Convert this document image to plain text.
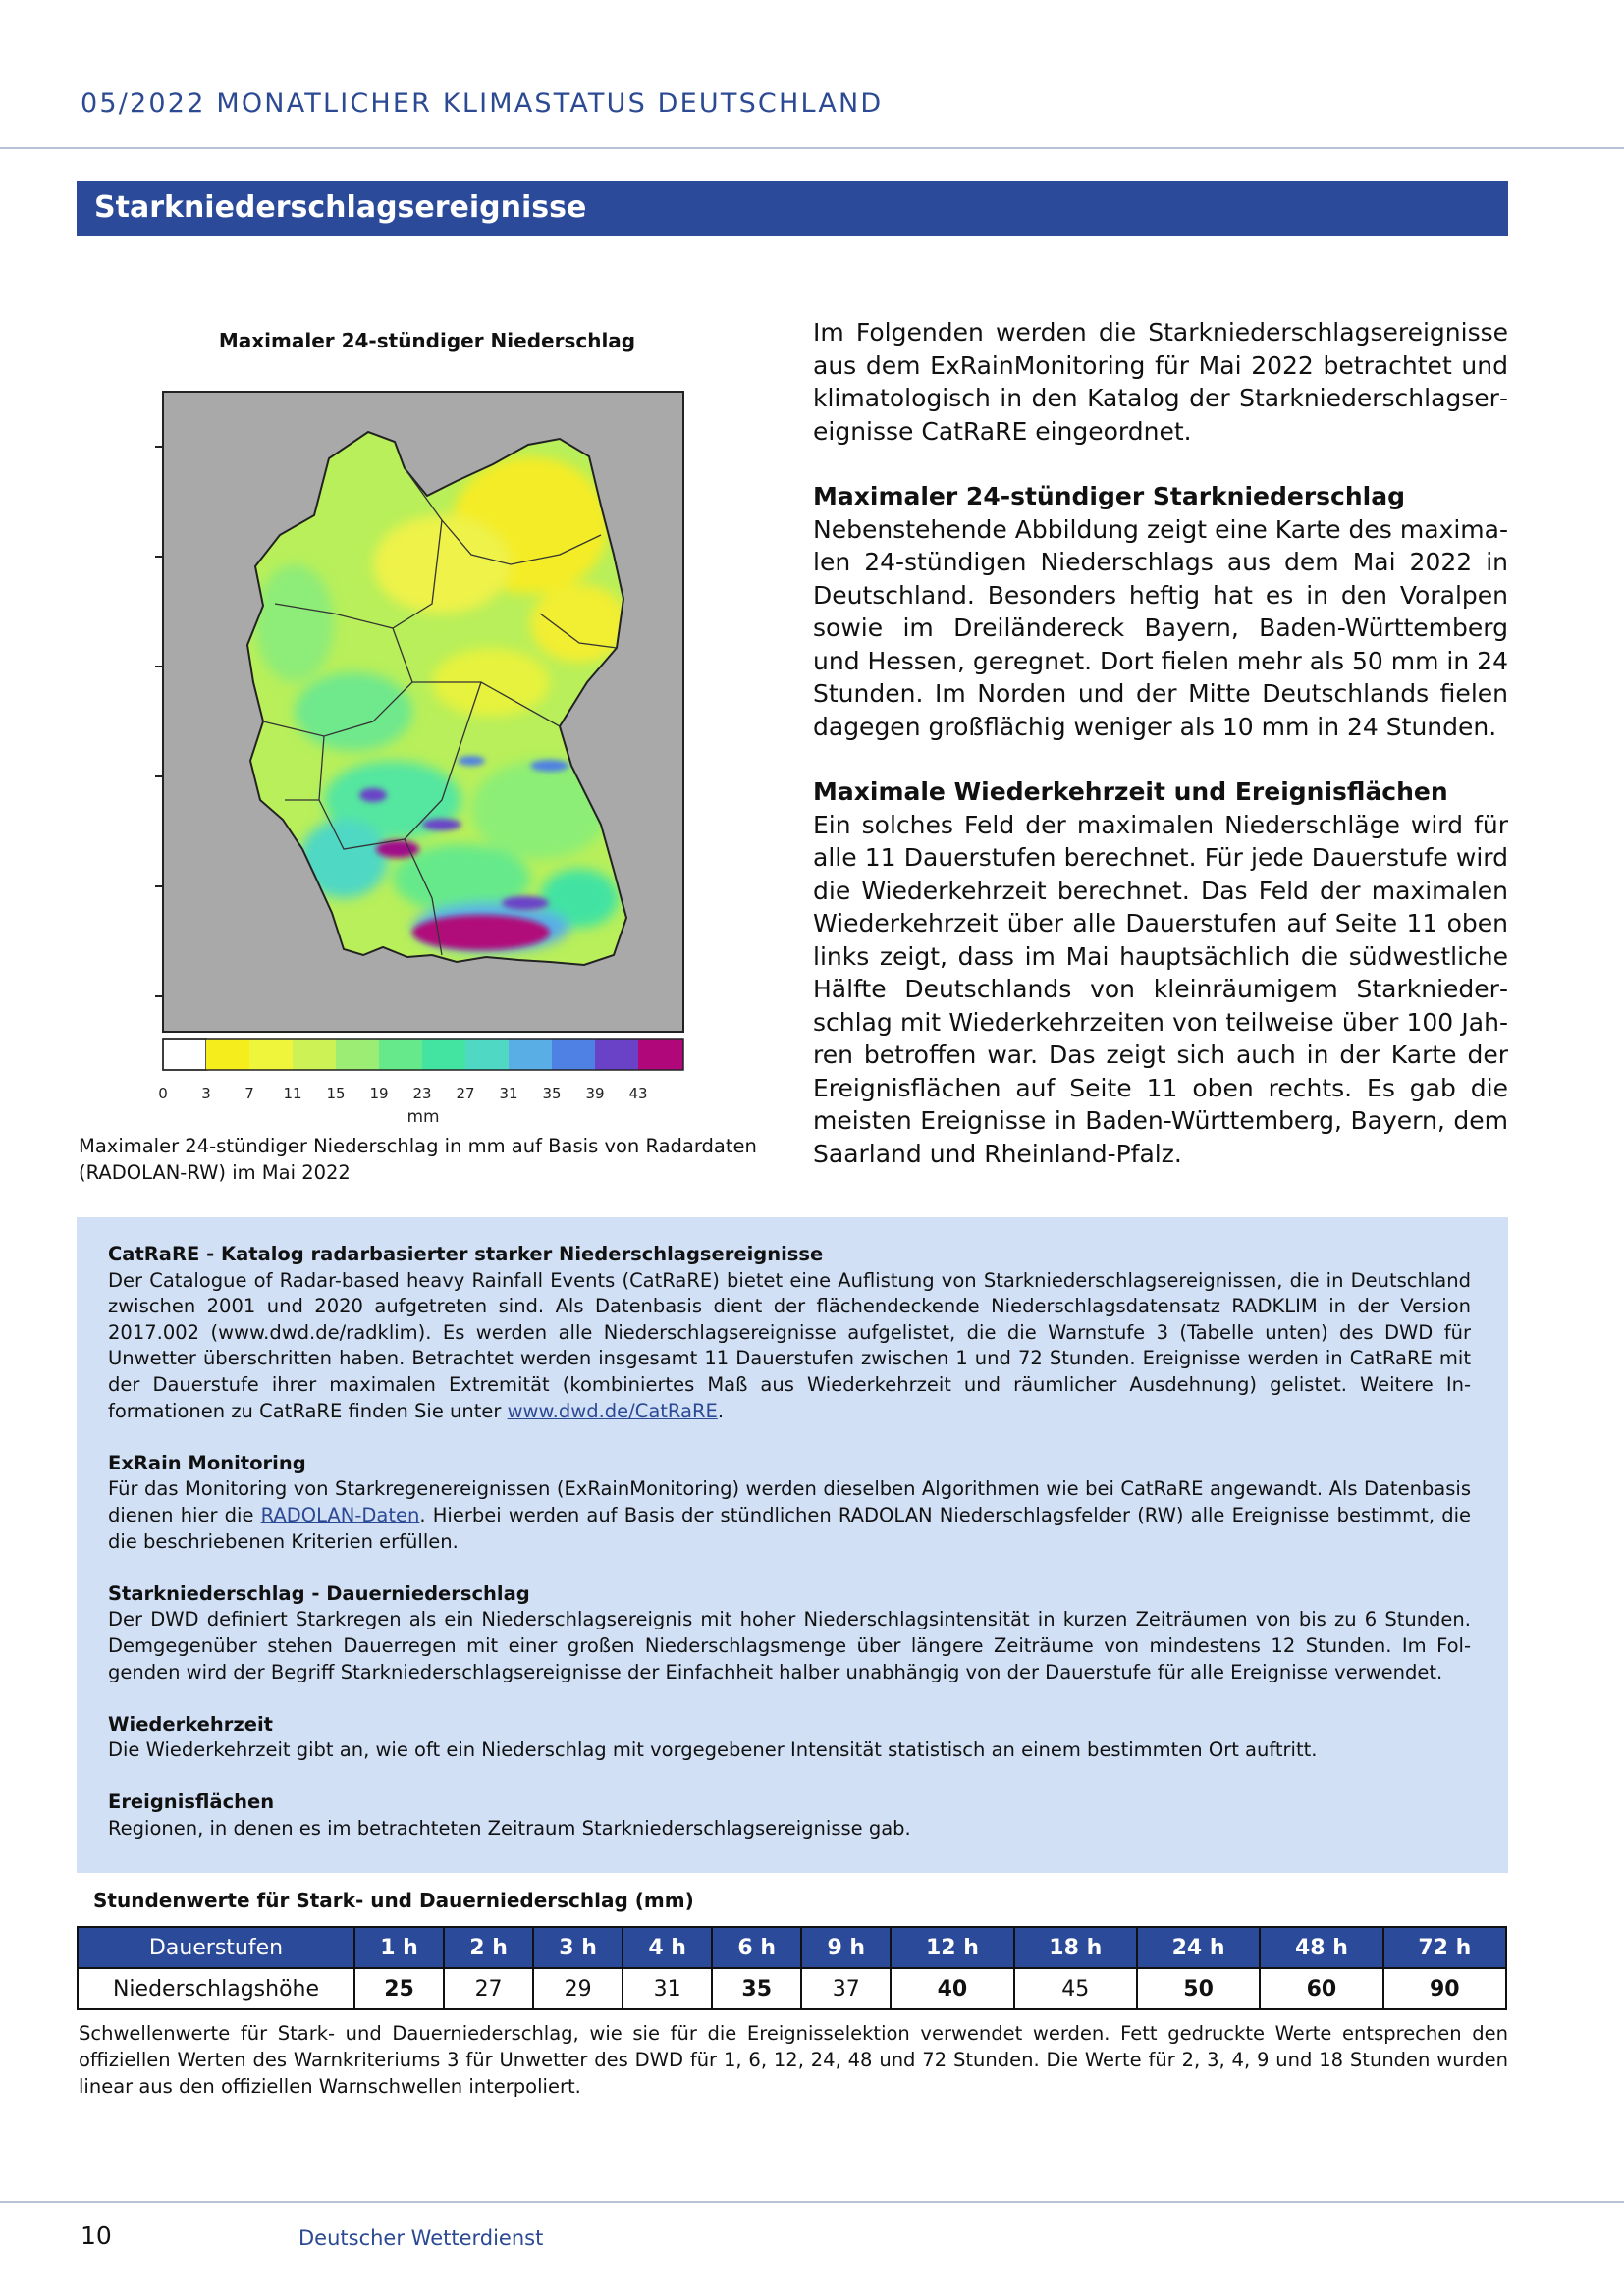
05/2022 MONATLICHER KLIMASTATUS DEUTSCHLAND
Starkniederschlagsereignisse
Maximaler 24-stündiger Niederschlag
0 3 7 11 15 19 23 27 31 35 39 43
mm
Maximaler 24-stündiger Niederschlag in mm auf Basis von Radardaten (RADOLAN-RW) im Mai 2022

Im Folgenden werden die Starkniederschlagsereignisse aus dem ExRainMonitoring für Mai 2022 betrachtet und klimatologisch in den Katalog der Starkniederschlagsereignisse CatRaRE eingeordnet.

Maximaler 24-stündiger Starkniederschlag

Nebenstehende Abbildung zeigt eine Karte des maximalen 24-stündigen Niederschlags aus dem Mai 2022 in Deutschland. Besonders heftig hat es in den Voralpen sowie im Dreiländereck Bayern, Baden-Württemberg und Hessen, geregnet. Dort fielen mehr als 50 mm in 24 Stunden. Im Norden und der Mitte Deutschlands fielen dagegen großflächig weniger als 10 mm in 24 Stunden.

Maximale Wiederkehrzeit und Ereignisflächen

Ein solches Feld der maximalen Niederschläge wird für alle 11 Dauerstufen berechnet. Für jede Dauerstufe wird die Wiederkehrzeit berechnet. Das Feld der maximalen Wiederkehrzeit über alle Dauerstufen auf Seite 11 oben links zeigt, dass im Mai hauptsächlich die südwestliche Hälfte Deutschlands von kleinräumigem Starkniederschlag mit Wiederkehrzeiten von teilweise über 100 Jahren betroffen war. Das zeigt sich auch in der Karte der Ereignisflächen auf Seite 11 oben rechts. Es gab die meisten Ereignisse in Baden-Württemberg, Bayern, dem Saarland und Rheinland-Pfalz.

CatRaRE - Katalog radarbasierter starker Niederschlagsereignisse

Der Catalogue of Radar-based heavy Rainfall Events (CatRaRE) bietet eine Auflistung von Starkniederschlagsereignissen, die in Deutschland zwischen 2001 und 2020 aufgetreten sind. Als Datenbasis dient der flächendeckende Niederschlagsdatensatz RADKLIM in der Version 2017.002 (www.dwd.de/radklim). Es werden alle Niederschlagsereignisse aufgelistet, die die Warnstufe 3 (Tabelle unten) des DWD für Unwetter überschritten haben. Betrachtet werden insgesamt 11 Dauerstufen zwischen 1 und 72 Stunden. Ereignisse werden in CatRaRE mit der Dauerstufe ihrer maximalen Extremität (kombiniertes Maß aus Wiederkehrzeit und räumlicher Ausdehnung) gelistet. Weitere Informationen zu CatRaRE finden Sie unter www.dwd.de/CatRaRE.

ExRain Monitoring

Für das Monitoring von Starkregenereignissen (ExRainMonitoring) werden dieselben Algorithmen wie bei CatRaRE angewandt. Als Datenbasis dienen hier die RADOLAN-Daten. Hierbei werden auf Basis der stündlichen RADOLAN Niederschlagsfelder (RW) alle Ereignisse bestimmt, die die beschriebenen Kriterien erfüllen.

Starkniederschlag - Dauerniederschlag

Der DWD definiert Starkregen als ein Niederschlagsereignis mit hoher Niederschlagsintensität in kurzen Zeiträumen von bis zu 6 Stunden. Demgegenüber stehen Dauerregen mit einer großen Niederschlagsmenge über längere Zeiträume von mindestens 12 Stunden. Im Folgenden wird der Begriff Starkniederschlagsereignisse der Einfachheit halber unabhängig von der Dauerstufe für alle Ereignisse verwendet.

Wiederkehrzeit

Die Wiederkehrzeit gibt an, wie oft ein Niederschlag mit vorgegebener Intensität statistisch an einem bestimmten Ort auftritt.

Ereignisflächen

Regionen, in denen es im betrachteten Zeitraum Starkniederschlagsereignisse gab.

Stundenwerte für Stark- und Dauerniederschlag (mm)
Dauerstufen	1 h	2 h	3 h	4 h	6 h	9 h	12 h	18 h	24 h	48 h	72 h
Niederschlagshöhe	25	27	29	31	35	37	40	45	50	60	90
Schwellenwerte für Stark- und Dauerniederschlag, wie sie für die Ereignisselektion verwendet werden. Fett gedruckte Werte entsprechen den offiziellen Werten des Warnkriteriums 3 für Unwetter des DWD für 1, 6, 12, 24, 48 und 72 Stunden. Die Werte für 2, 3, 4, 9 und 18 Stunden wurden linear aus den offiziellen Warnschwellen interpoliert.
10	Deutscher Wetterdienst
